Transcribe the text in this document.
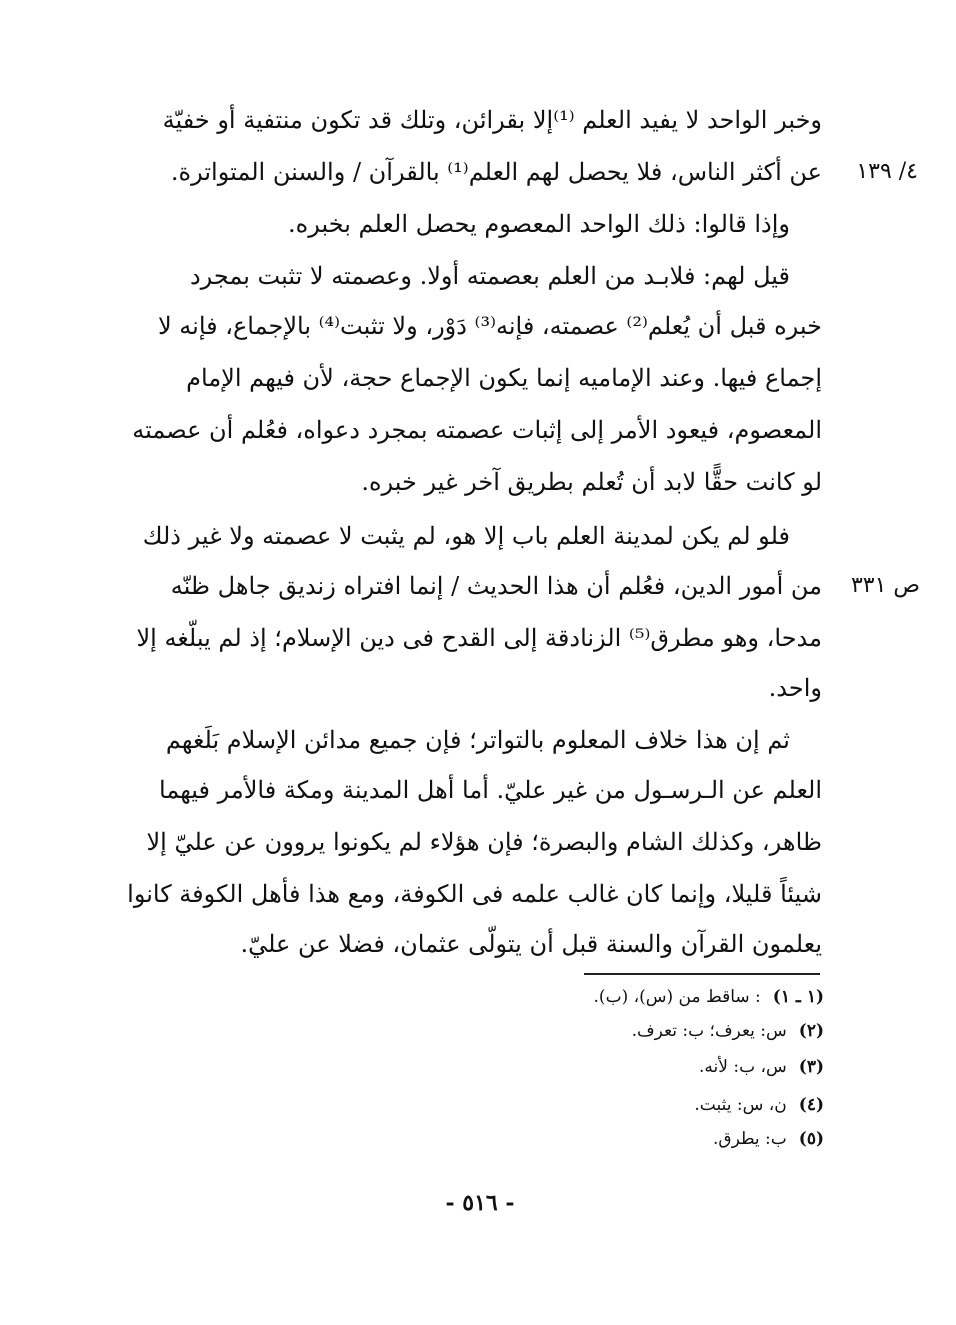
٤/ ١٣٩
ص ٣٣١
وخبر الواحد لا يفيد العلم ⁽¹⁾إلا بقرائن، وتلك قد تكون منتفية أو خفيّة
عن أكثر الناس، فلا يحصل لهم العلم⁽¹⁾ بالقرآن / والسنن المتواترة.
وإذا قالوا: ذلك الواحد المعصوم يحصل العلم بخبره.
قيل لهم: فلابـد من العلم بعصمته أولا. وعصمته لا تثبت بمجرد
خبره قبل أن يُعلم⁽²⁾ عصمته، فإنه⁽³⁾ دَوْر، ولا تثبت⁽⁴⁾ بالإجماع، فإنه لا
إجماع فيها. وعند الإماميه إنما يكون الإجماع حجة، لأن فيهم الإمام
المعصوم، فيعود الأمر إلى إثبات عصمته بمجرد دعواه، فعُلم أن عصمته
لو كانت حقًّا لابد أن تُعلم بطريق آخر غير خبره.
فلو لم يكن لمدينة العلم باب إلا هو، لم يثبت لا عصمته ولا غير ذلك
من أمور الدين، فعُلم أن هذا الحديث / إنما افتراه زنديق جاهل ظنّه
مدحا، وهو مطرق⁽⁵⁾ الزنادقة إلى القدح فى دين الإسلام؛ إذ لم يبلّغه إلا
واحد.
ثم إن هذا خلاف المعلوم بالتواتر؛ فإن جميع مدائن الإسلام بَلَغهم
العلم عن الـرسـول من غير عليّ. أما أهل المدينة ومكة فالأمر فيهما
ظاهر، وكذلك الشام والبصرة؛ فإن هؤلاء لم يكونوا يروون عن عليّ إلا
شيئاً قليلا، وإنما كان غالب علمه فى الكوفة، ومع هذا فأهل الكوفة كانوا
يعلمون القرآن والسنة قبل أن يتولّى عثمان، فضلا عن عليّ.
(١ ـ ١): ساقط من (س)، (ب).
(٢)س: يعرف؛ ب: تعرف.
(٣)س، ب: لأنه.
(٤)ن، س: يثبت.
(٥)ب: يطرق.
- ٥١٦ -
